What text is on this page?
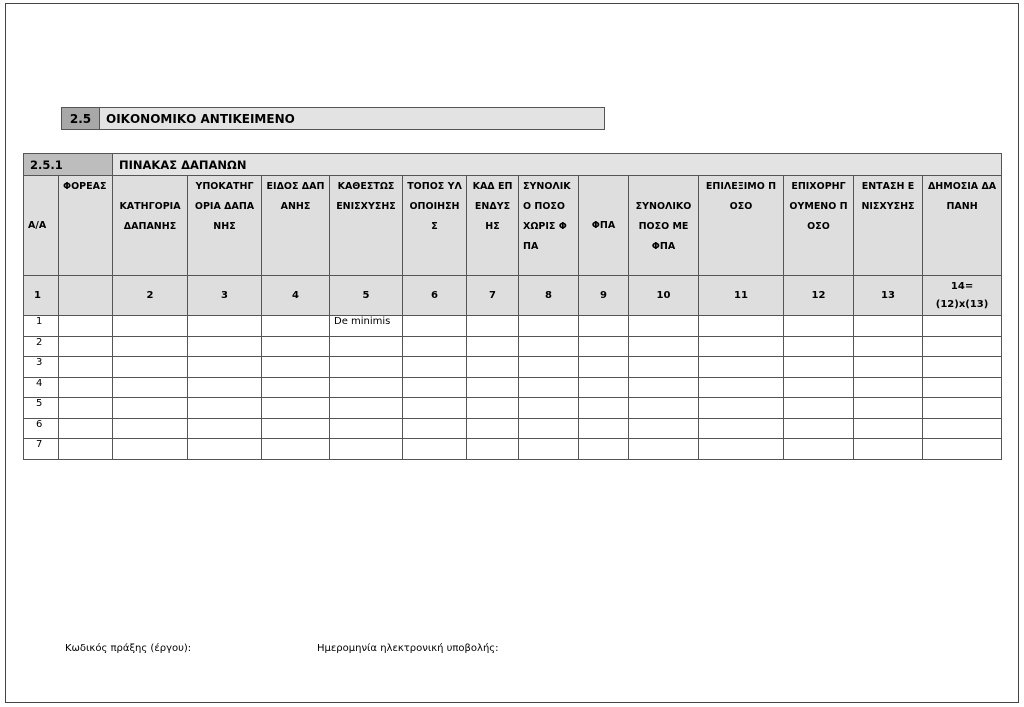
2.5	ΟΙΚΟΝΟΜΙΚΟ ΑΝΤΙΚΕΙΜΕΝΟ
2.5.1		ΠΙΝΑΚΑΣ ΔΑΠΑΝΩΝ												
Α/Α	ΦΟΡΕΑΣ	ΚΑΤΗΓΟΡΙΑ ΔΑΠΑΝΗΣ	ΥΠΟΚΑΤΗΓΟΡΙΑ ΔΑΠΑΝΗΣ	ΕΙΔΟΣ ΔΑΠΑΝΗΣ	ΚΑΘΕΣΤΩΣ ΕΝΙΣΧΥΣΗΣ	ΤΟΠΟΣ ΥΛΟΠΟΙΗΣΗΣ	ΚΑΔ ΕΠΕΝΔΥΣΗΣ	ΣΥΝΟΛΙΚΟ ΠΟΣΟ ΧΩΡΙΣ ΦΠΑ	ΦΠΑ	ΣΥΝΟΛΙΚΟ ΠΟΣΟ ΜΕ ΦΠΑ	ΕΠΙΛΕΞΙΜΟ ΠΟΣΟ	ΕΠΙΧΟΡΗΓΟΥΜΕΝΟ ΠΟΣΟ	ΕΝΤΑΣΗ ΕΝΙΣΧΥΣΗΣ	ΔΗΜΟΣΙΑ ΔΑΠΑΝΗ
1		2	3	4	5	6	7	8	9	10	11	12	13	14= (12)x(13)
1					De minimis									
2														
3														
4														
5														
6														
7														
Κωδικός πράξης (έργου):	Ημερομηνία ηλεκτρονική υποβολής:
